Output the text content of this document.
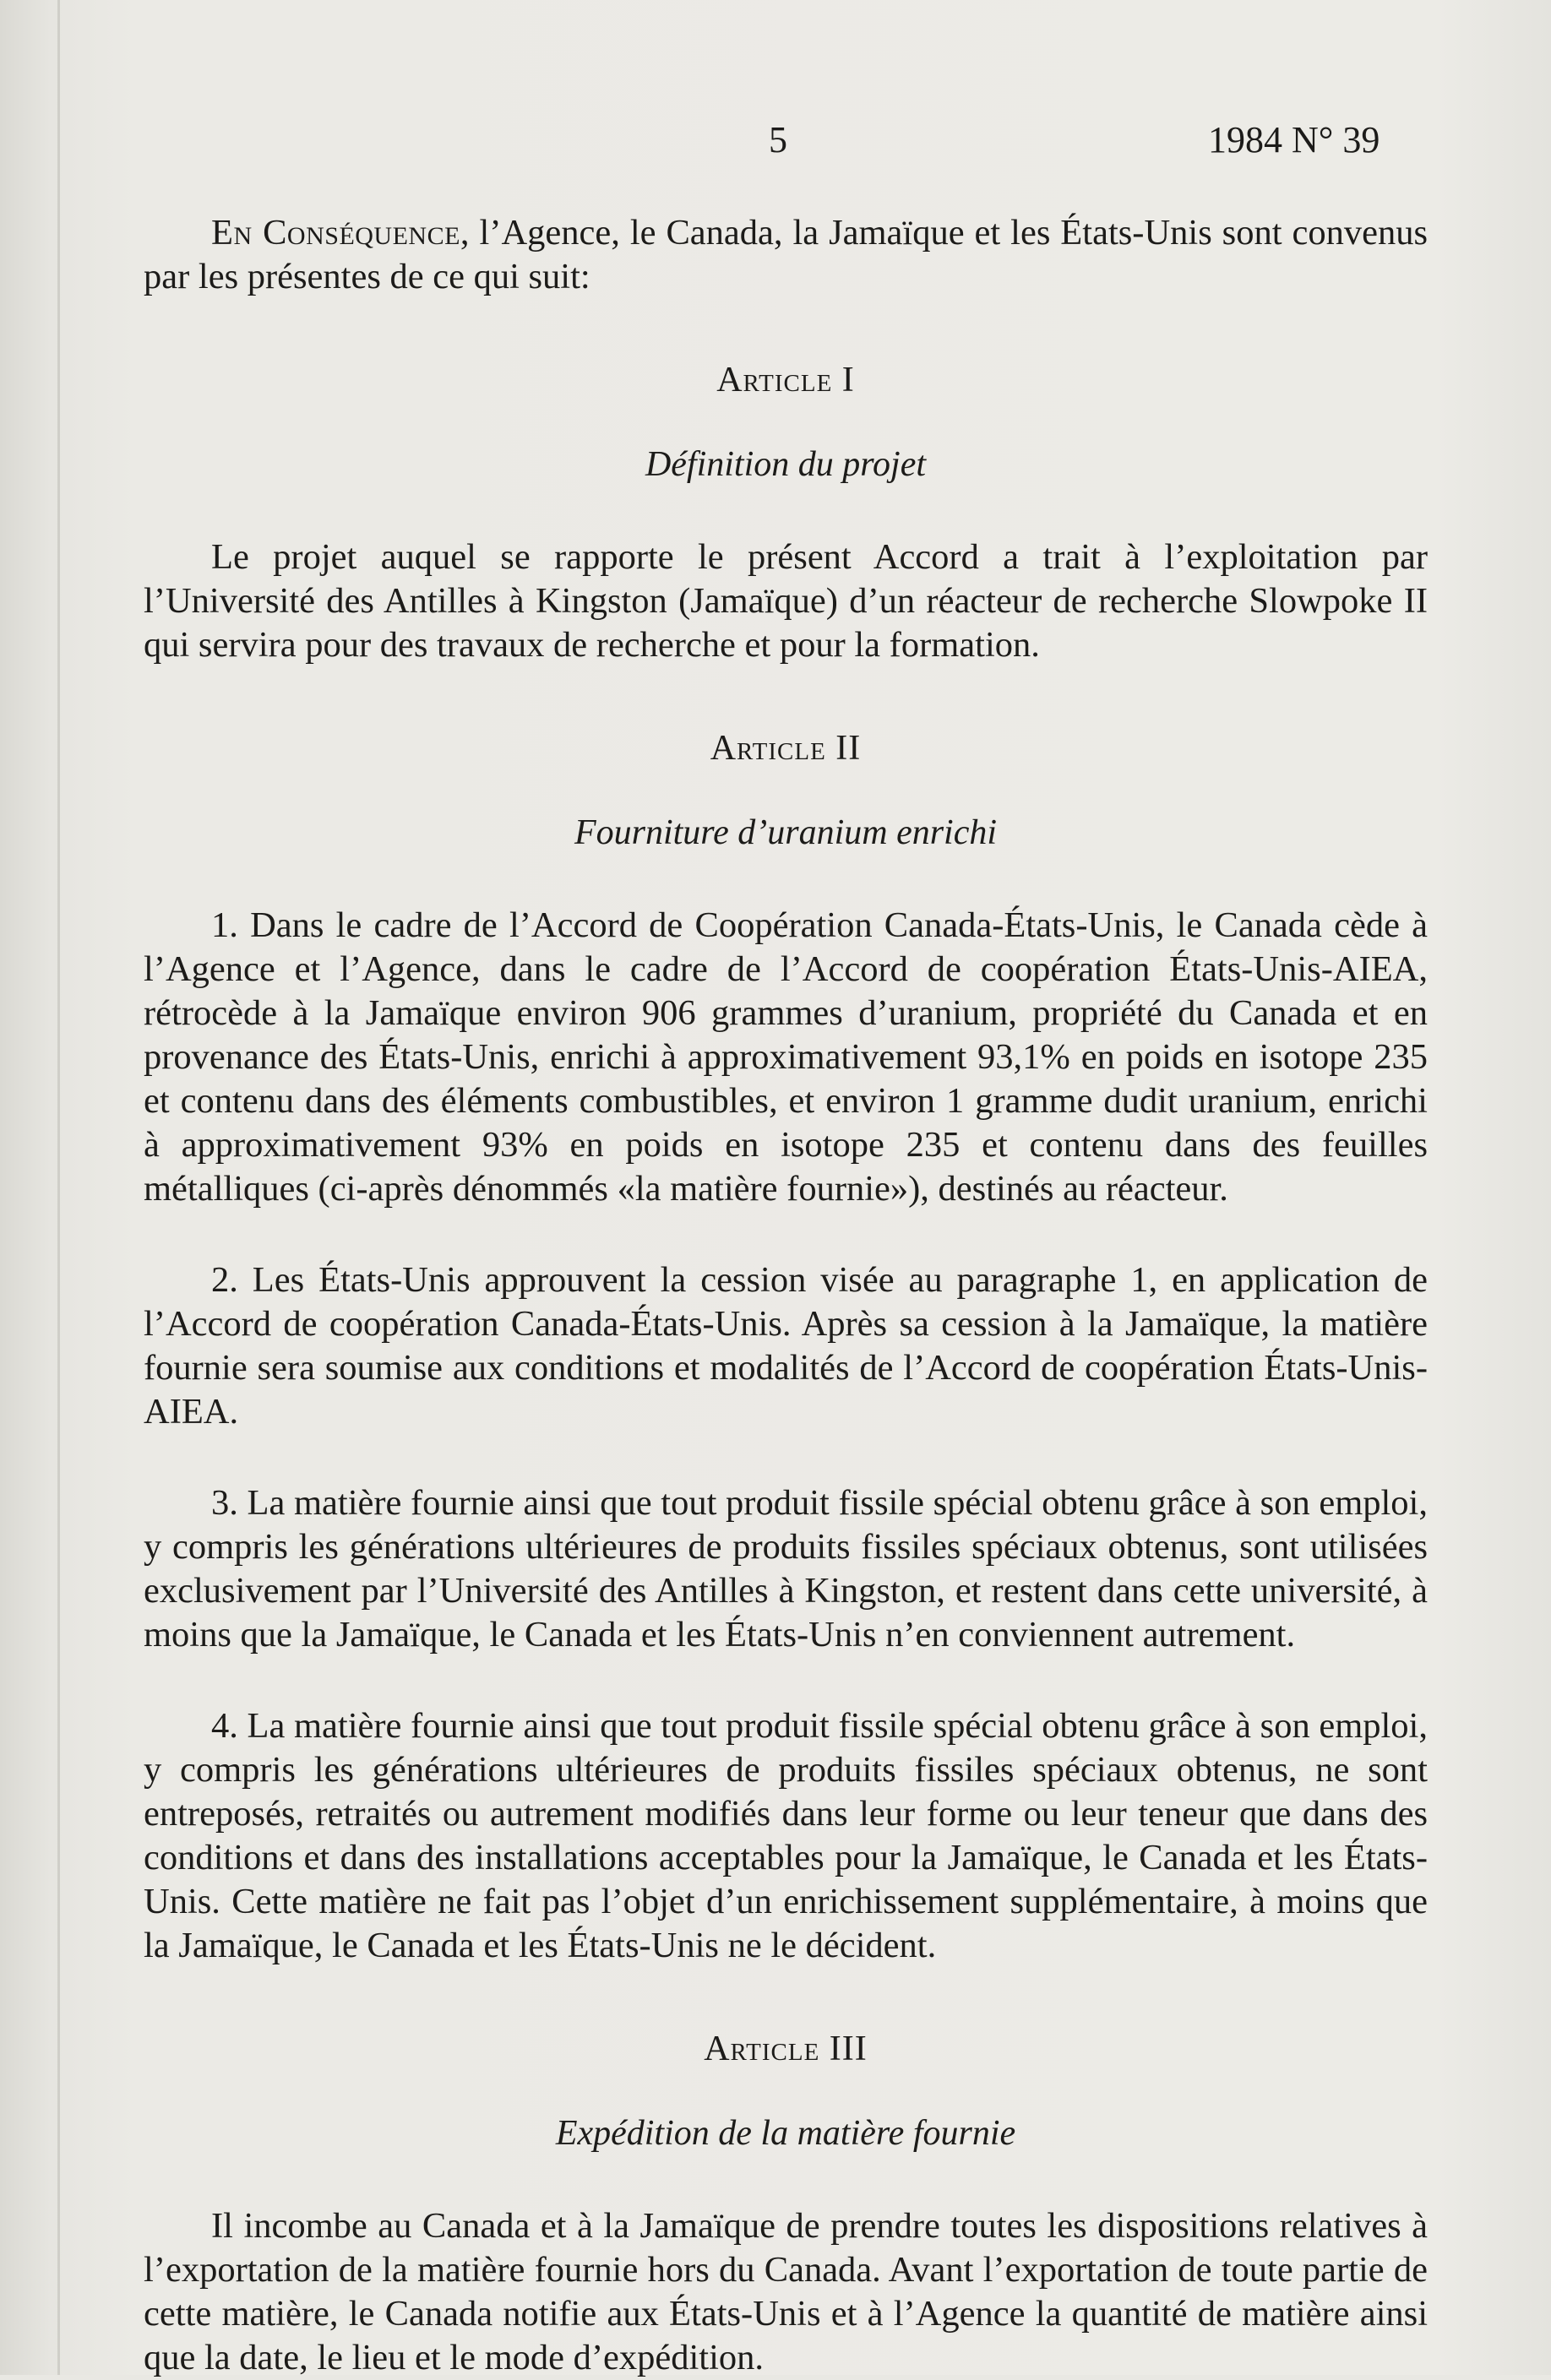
5	1984 N° 39

En Conséquence, l’Agence, le Canada, la Jamaïque et les États-Unis sont convenus par les présentes de ce qui suit:

Article I
Définition du projet

Le projet auquel se rapporte le présent Accord a trait à l’exploitation par l’Université des Antilles à Kingston (Jamaïque) d’un réacteur de recherche Slowpoke II qui servira pour des travaux de recherche et pour la formation.

Article II
Fourniture d’uranium enrichi

1. Dans le cadre de l’Accord de Coopération Canada-États-Unis, le Canada cède à l’Agence et l’Agence, dans le cadre de l’Accord de coopération États-Unis-AIEA, rétrocède à la Jamaïque environ 906 grammes d’uranium, propriété du Canada et en provenance des États-Unis, enrichi à approximativement 93,1% en poids en isotope 235 et contenu dans des éléments combustibles, et environ 1 gramme dudit uranium, enrichi à approximativement 93% en poids en isotope 235 et contenu dans des feuilles métalliques (ci-après dénommés «la matière fournie»), destinés au réacteur.

2. Les États-Unis approuvent la cession visée au paragraphe 1, en application de l’Accord de coopération Canada-États-Unis. Après sa cession à la Jamaïque, la matière fournie sera soumise aux conditions et modalités de l’Accord de coopération États-Unis-AIEA.

3. La matière fournie ainsi que tout produit fissile spécial obtenu grâce à son emploi, y compris les générations ultérieures de produits fissiles spéciaux obtenus, sont utilisées exclusivement par l’Université des Antilles à Kingston, et restent dans cette université, à moins que la Jamaïque, le Canada et les États-Unis n’en conviennent autrement.

4. La matière fournie ainsi que tout produit fissile spécial obtenu grâce à son emploi, y compris les générations ultérieures de produits fissiles spéciaux obtenus, ne sont entreposés, retraités ou autrement modifiés dans leur forme ou leur teneur que dans des conditions et dans des installations acceptables pour la Jamaïque, le Canada et les États-Unis. Cette matière ne fait pas l’objet d’un enrichissement supplémentaire, à moins que la Jamaïque, le Canada et les États-Unis ne le décident.

Article III
Expédition de la matière fournie

Il incombe au Canada et à la Jamaïque de prendre toutes les dispositions relatives à l’exportation de la matière fournie hors du Canada. Avant l’exportation de toute partie de cette matière, le Canada notifie aux États-Unis et à l’Agence la quantité de matière ainsi que la date, le lieu et le mode d’expédition.
